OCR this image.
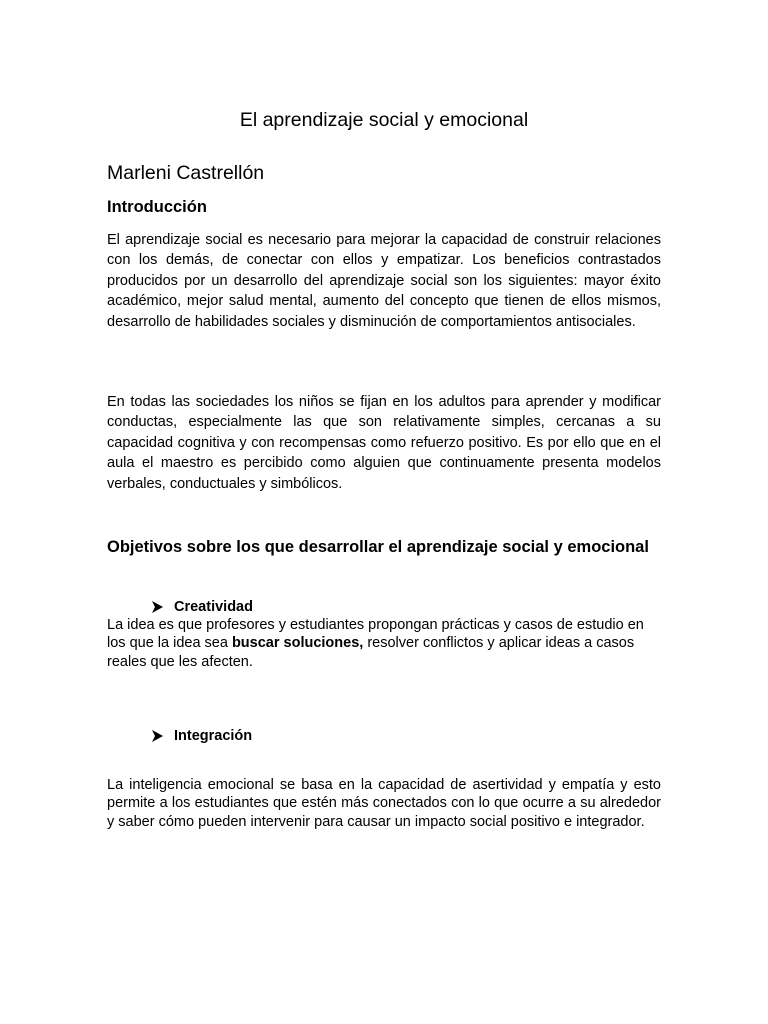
El aprendizaje social y emocional
Marleni Castrellón
Introducción

El aprendizaje social es necesario para mejorar la capacidad de construir relaciones con los demás, de conectar con ellos y empatizar. Los beneficios contrastados producidos por un desarrollo del aprendizaje social son los siguientes: mayor éxito académico, mejor salud mental, aumento del concepto que tienen de ellos mismos, desarrollo de habilidades sociales y disminución de comportamientos antisociales.

En todas las sociedades los niños se fijan en los adultos para aprender y modificar conductas, especialmente las que son relativamente simples, cercanas a su capacidad cognitiva y con recompensas como refuerzo positivo. Es por ello que en el aula el maestro es percibido como alguien que continuamente presenta modelos verbales, conductuales y simbólicos.

Objetivos sobre los que desarrollar el aprendizaje social y emocional
Creatividad

La idea es que profesores y estudiantes propongan prácticas y casos de estudio en los que la idea sea buscar soluciones, resolver conflictos y aplicar ideas a casos reales que les afecten.

Integración

La inteligencia emocional se basa en la capacidad de asertividad y empatía y esto permite a los estudiantes que estén más conectados con lo que ocurre a su alrededor y saber cómo pueden intervenir para causar un impacto social positivo e integrador.
